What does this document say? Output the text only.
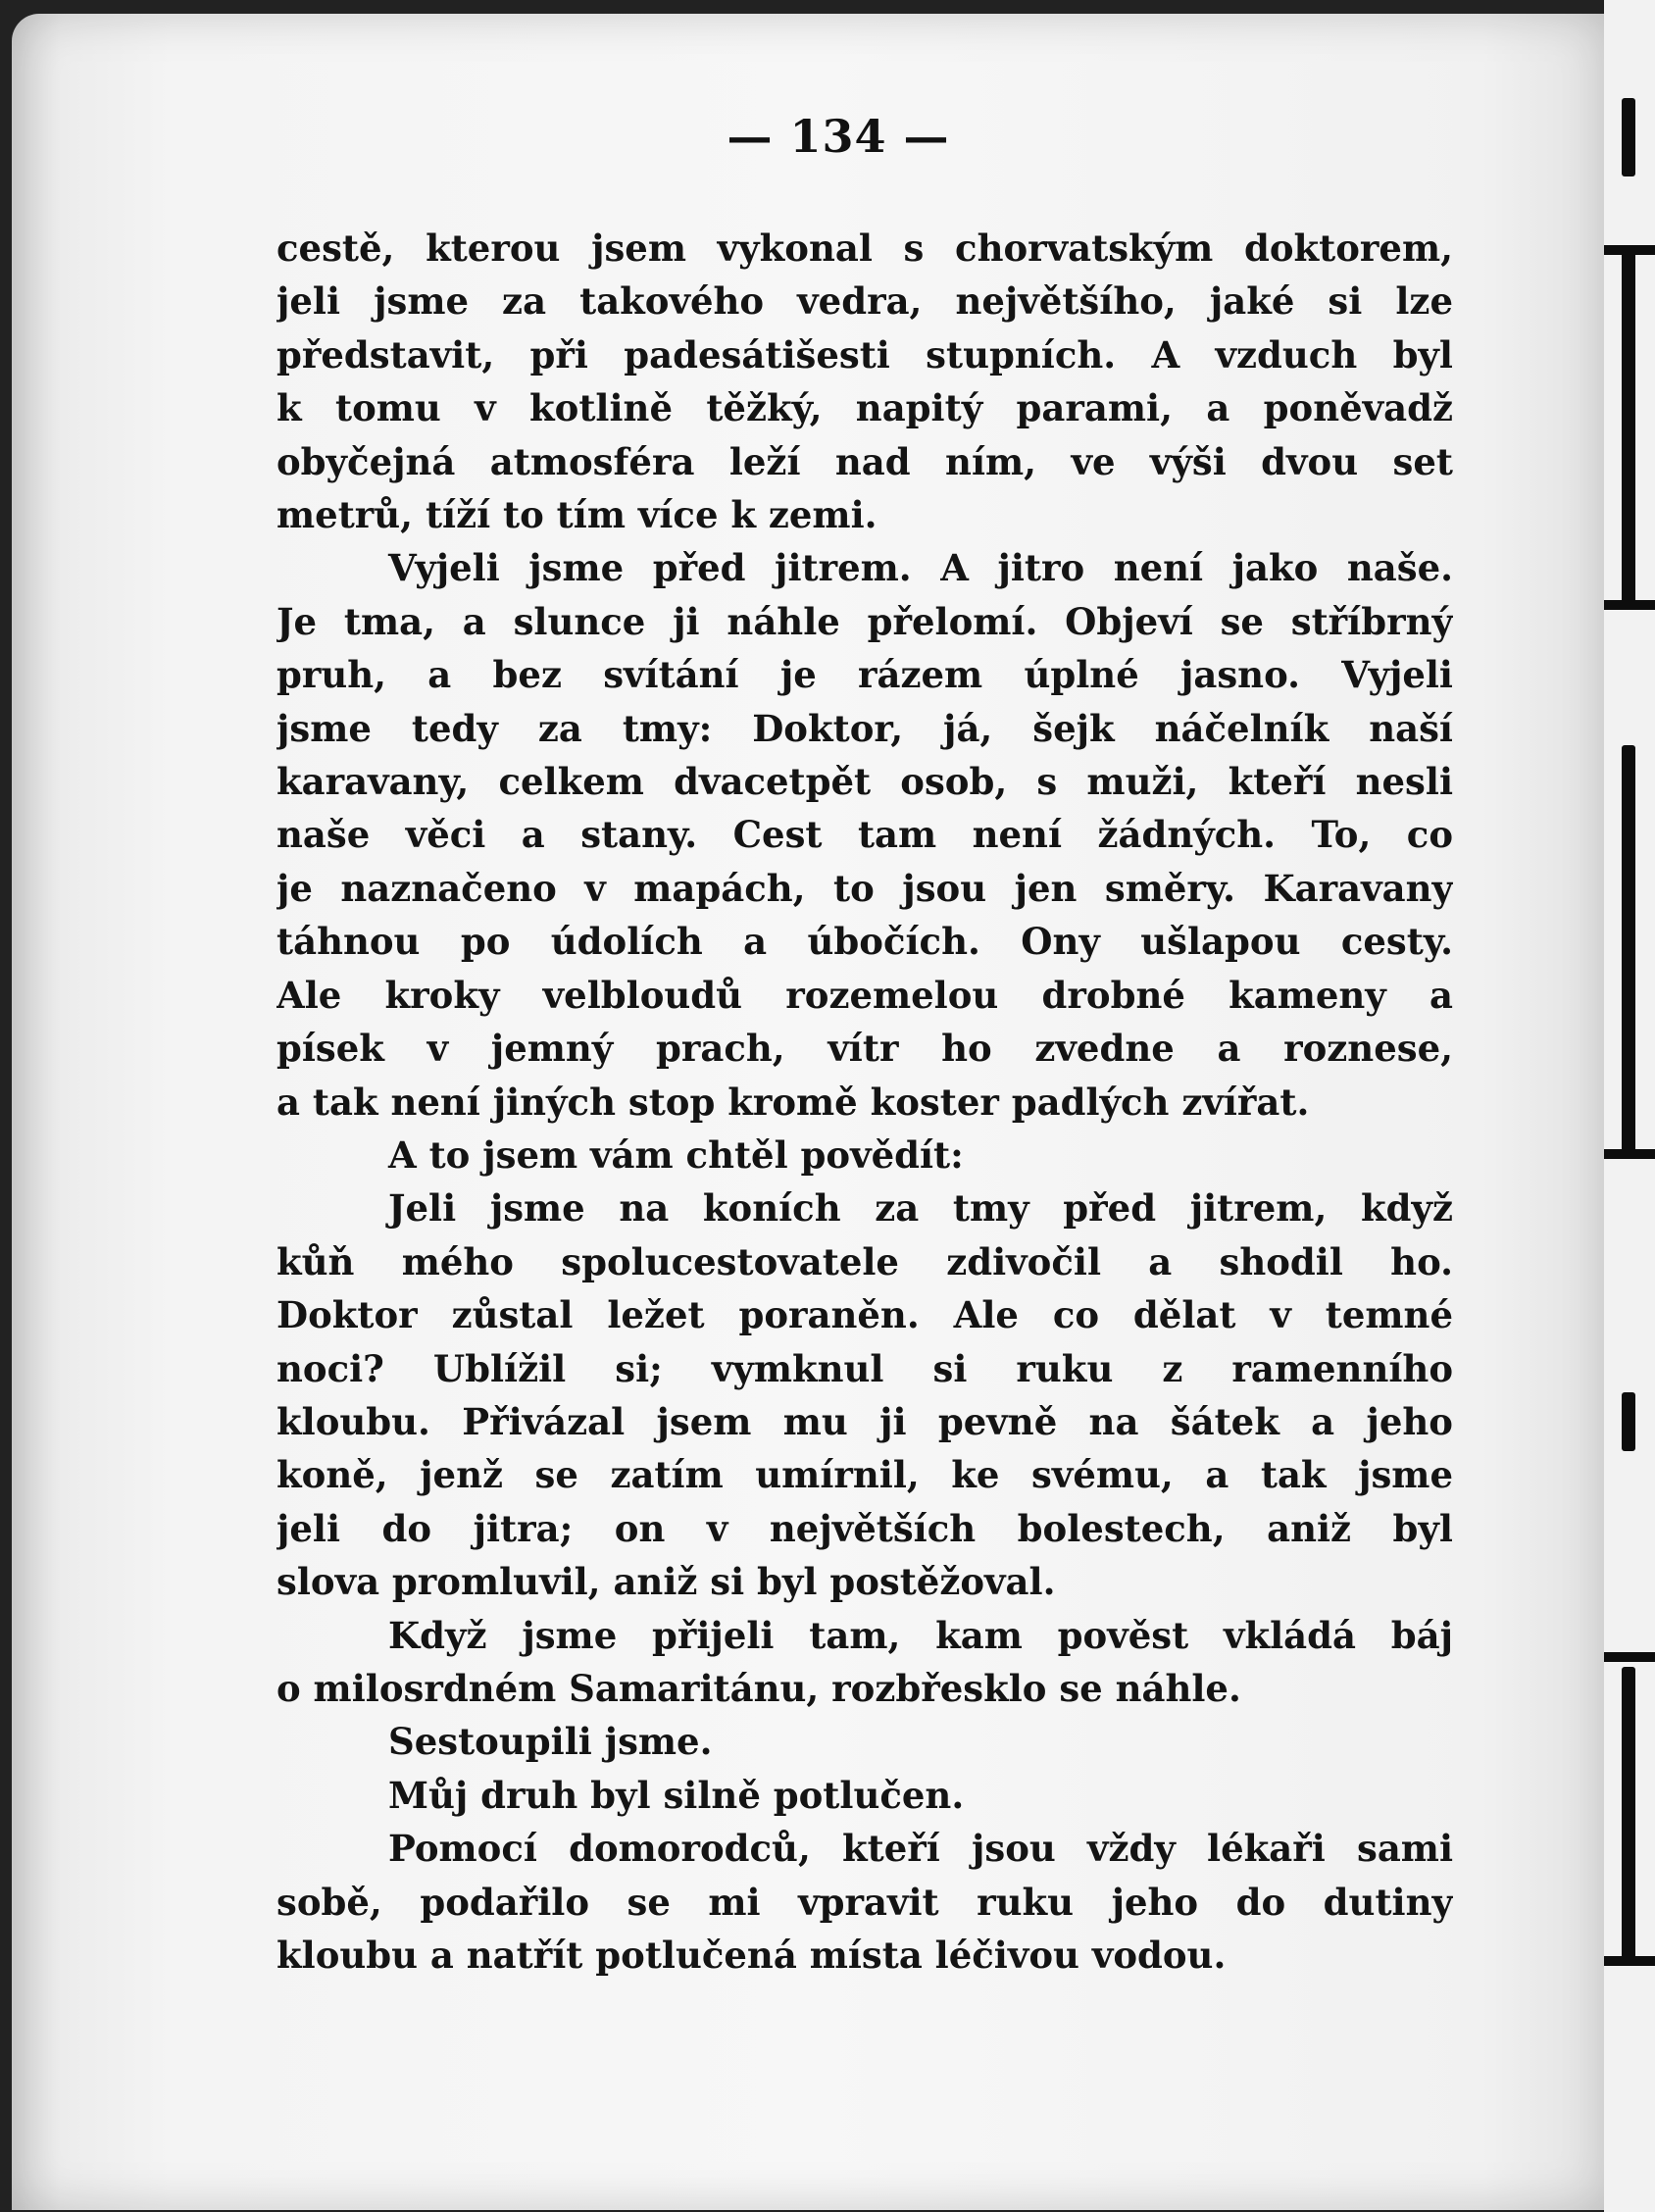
— 134 —

cestě, kterou jsem vykonal s chorvatským doktorem,
jeli jsme za takového vedra, největšího, jaké si lze
představit, při padesátišesti stupních. A vzduch byl
k tomu v kotlině těžký, napitý parami, a poněvadž
obyčejná atmosféra leží nad ním, ve výši dvou set
metrů, tíží to tím více k zemi.

Vyjeli jsme před jitrem. A jitro není jako naše.
Je tma, a slunce ji náhle přelomí. Objeví se stříbrný
pruh, a bez svítání je rázem úplné jasno. Vyjeli
jsme tedy za tmy: Doktor, já, šejk náčelník naší
karavany, celkem dvacetpět osob, s muži, kteří nesli
naše věci a stany. Cest tam není žádných. To, co
je naznačeno v mapách, to jsou jen směry. Karavany
táhnou po údolích a úbočích. Ony ušlapou cesty.
Ale kroky velbloudů rozemelou drobné kameny a
písek v jemný prach, vítr ho zvedne a roznese,
a tak není jiných stop kromě koster padlých zvířat.

A to jsem vám chtěl povědít:

Jeli jsme na koních za tmy před jitrem, když
kůň mého spolucestovatele zdivočil a shodil ho.
Doktor zůstal ležet poraněn. Ale co dělat v temné
noci? Ublížil si; vymknul si ruku z ramenního
kloubu. Přivázal jsem mu ji pevně na šátek a jeho
koně, jenž se zatím umírnil, ke svému, a tak jsme
jeli do jitra; on v největších bolestech, aniž byl
slova promluvil, aniž si byl postěžoval.

Když jsme přijeli tam, kam pověst vkládá báj
o milosrdném Samaritánu, rozbřesklo se náhle.

Sestoupili jsme.

Můj druh byl silně potlučen.

Pomocí domorodců, kteří jsou vždy lékaři sami
sobě, podařilo se mi vpravit ruku jeho do dutiny
kloubu a natřít potlučená místa léčivou vodou.
